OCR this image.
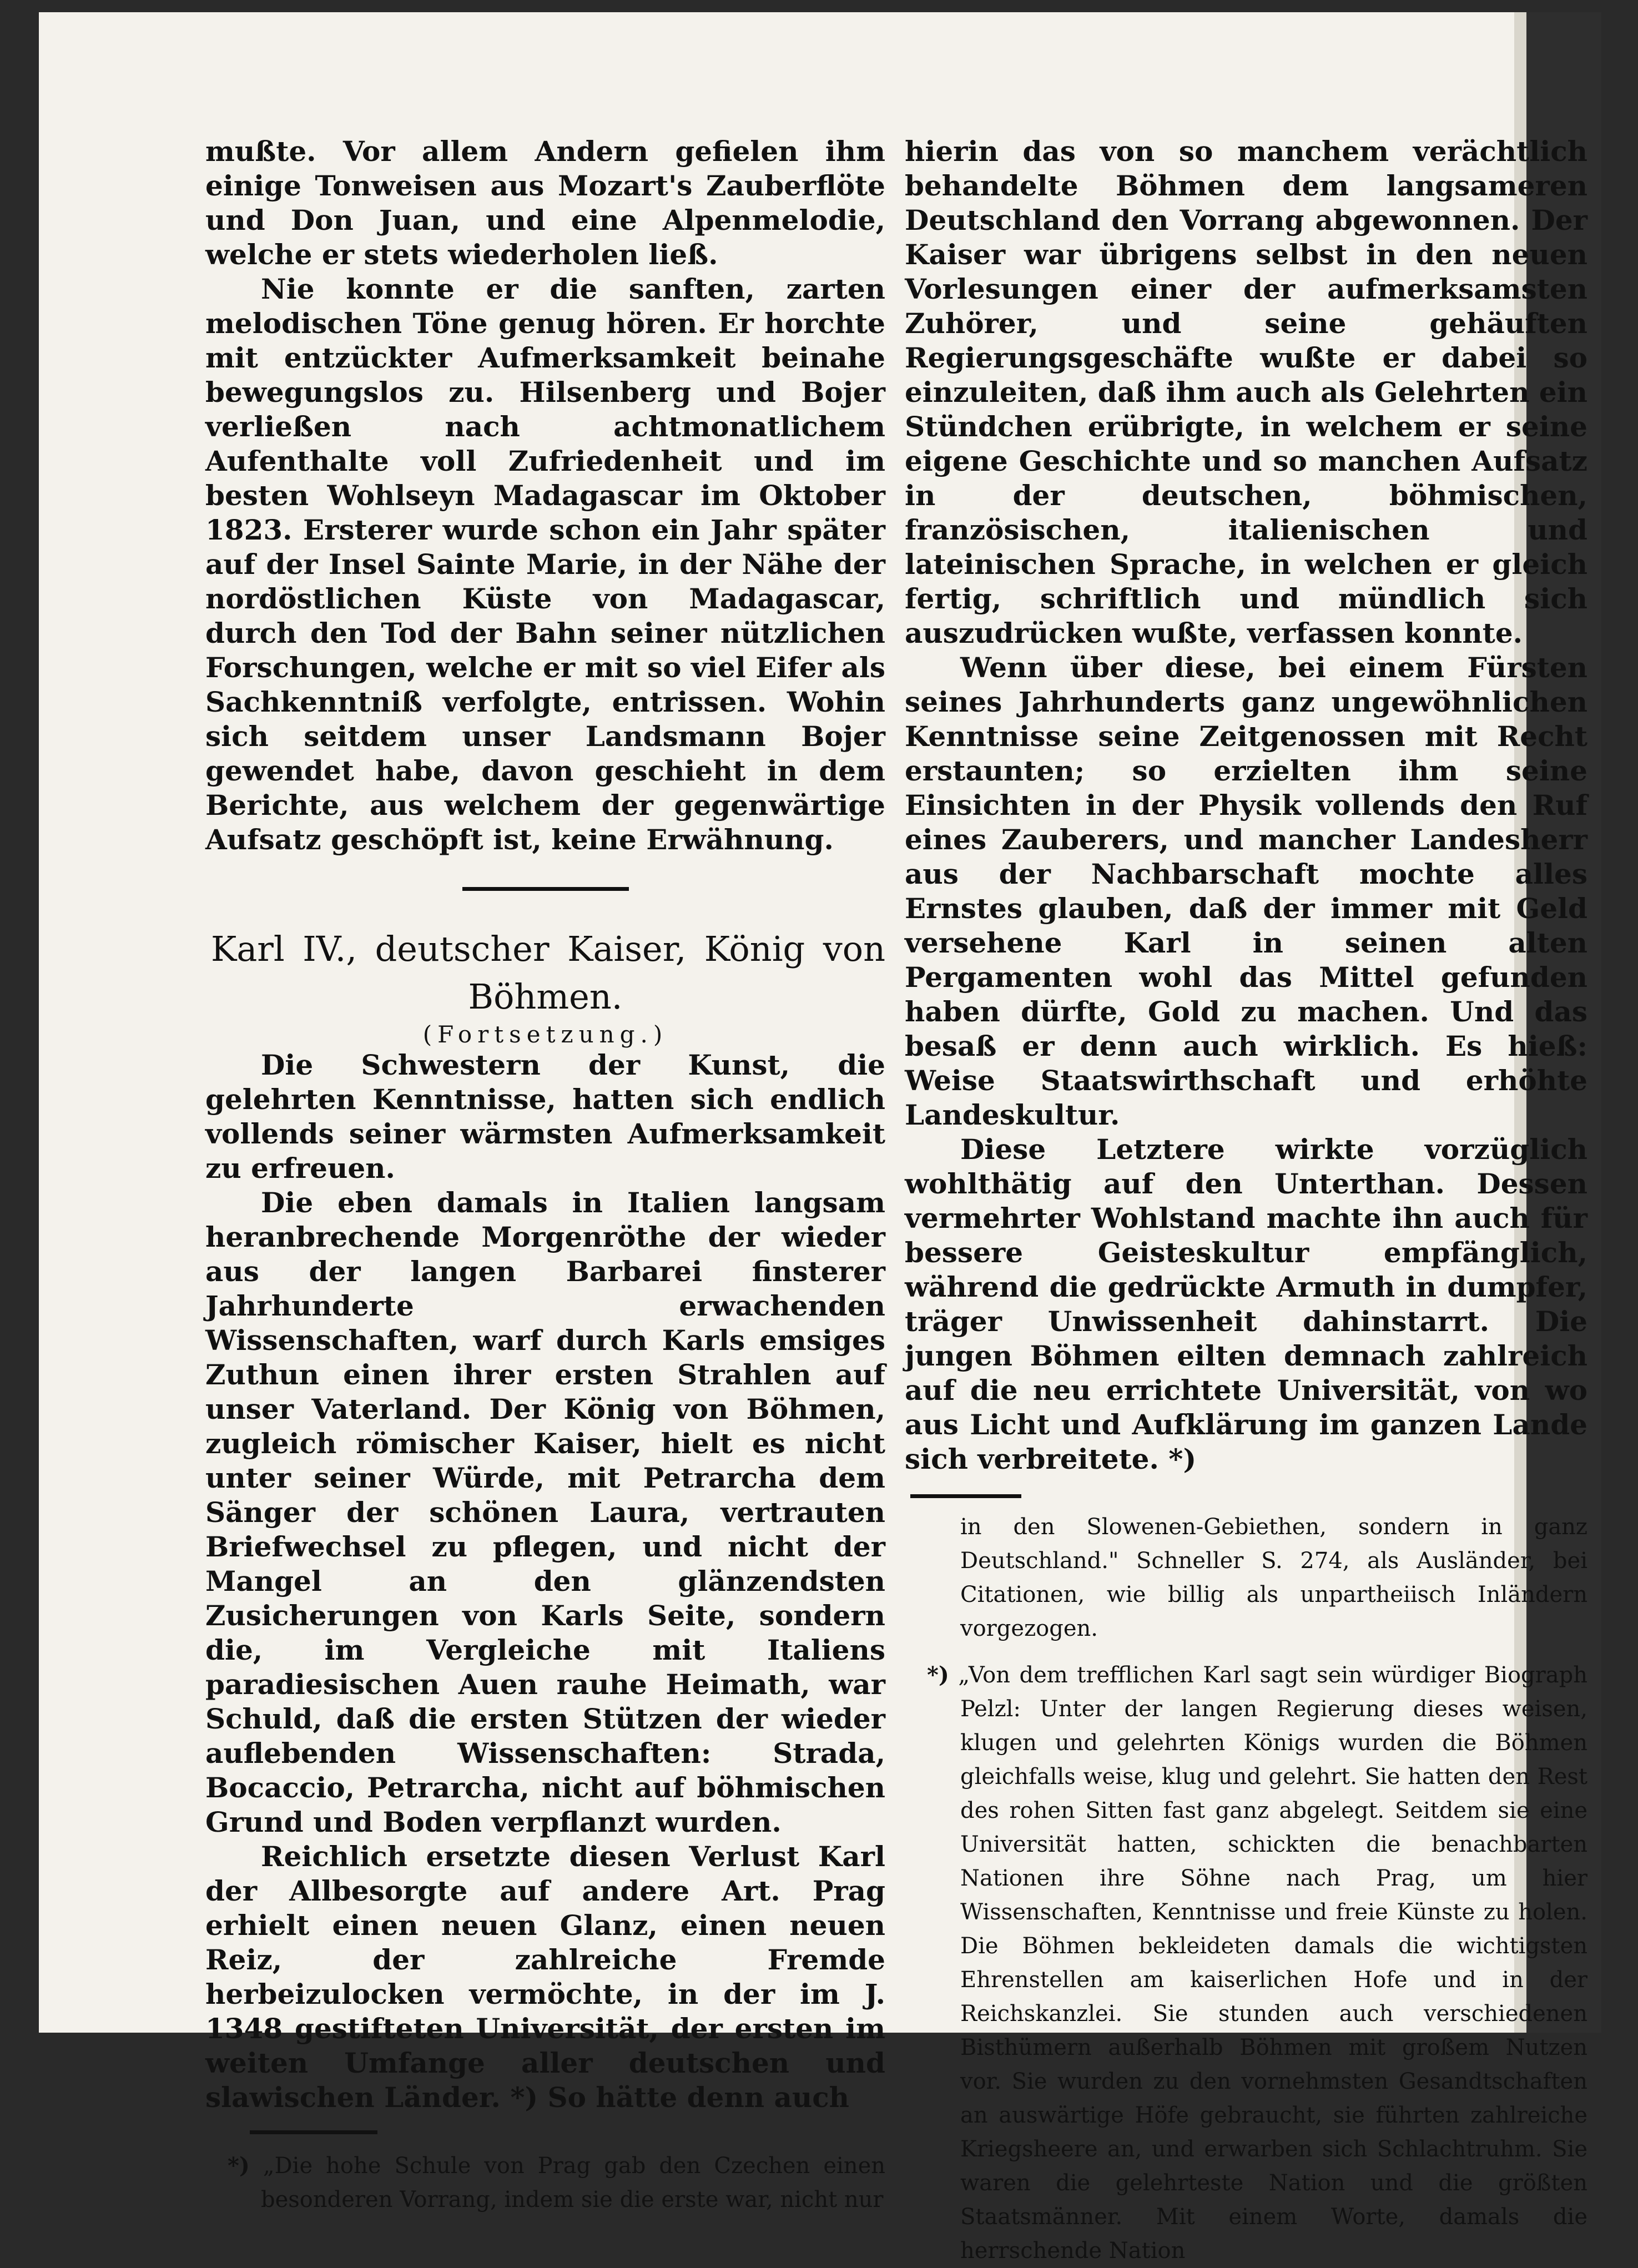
mußte. Vor allem Andern gefielen ihm einige Tonweisen aus Mozart's Zauberflöte und Don Juan, und eine Alpenmelodie, welche er stets wiederholen ließ.

Nie konnte er die sanften, zarten melodischen Töne genug hören. Er horchte mit entzückter Aufmerksamkeit beinahe bewegungslos zu. Hilsenberg und Bojer verließen nach achtmonatlichem Aufenthalte voll Zufriedenheit und im besten Wohlseyn Madagascar im Oktober 1823. Ersterer wurde schon ein Jahr später auf der Insel Sainte Marie, in der Nähe der nordöstlichen Küste von Madagascar, durch den Tod der Bahn seiner nützlichen Forschungen, welche er mit so viel Eifer als Sachkenntniß verfolgte, entrissen. Wohin sich seitdem unser Landsmann Bojer gewendet habe, davon geschieht in dem Berichte, aus welchem der gegenwärtige Aufsatz geschöpft ist, keine Erwähnung.

Karl IV., deutscher Kaiser, König von
Böhmen.

(Fortsetzung.)

Die Schwestern der Kunst, die gelehrten Kenntnisse, hatten sich endlich vollends seiner wärmsten Aufmerksamkeit zu erfreuen.

Die eben damals in Italien langsam heranbrechende Morgenröthe der wieder aus der langen Barbarei finsterer Jahrhunderte erwachenden Wissenschaften, warf durch Karls emsiges Zuthun einen ihrer ersten Strahlen auf unser Vaterland. Der König von Böhmen, zugleich römischer Kaiser, hielt es nicht unter seiner Würde, mit Petrarcha dem Sänger der schönen Laura, vertrauten Briefwechsel zu pflegen, und nicht der Mangel an den glänzendsten Zusicherungen von Karls Seite, sondern die, im Vergleiche mit Italiens paradiesischen Auen rauhe Heimath, war Schuld, daß die ersten Stützen der wieder auflebenden Wissenschaften: Strada, Bocaccio, Petrarcha, nicht auf böhmischen Grund und Boden verpflanzt wurden.

Reichlich ersetzte diesen Verlust Karl der Allbesorgte auf andere Art. Prag erhielt einen neuen Glanz, einen neuen Reiz, der zahlreiche Fremde herbeizulocken vermöchte, in der im J. 1348 gestifteten Universität, der ersten im weiten Umfange aller deutschen und slawischen Länder. *) So hätte denn auch

*) „Die hohe Schule von Prag gab den Czechen einen besonderen Vorrang, indem sie die erste war, nicht nur

hierin das von so manchem verächtlich behandelte Böhmen dem langsameren Deutschland den Vorrang abgewonnen. Der Kaiser war übrigens selbst in den neuen Vorlesungen einer der aufmerksamsten Zuhörer, und seine gehäuften Regierungsgeschäfte wußte er dabei so einzuleiten, daß ihm auch als Gelehrten ein Stündchen erübrigte, in welchem er seine eigene Geschichte und so manchen Aufsatz in der deutschen, böhmischen, französischen, italienischen und lateinischen Sprache, in welchen er gleich fertig, schriftlich und mündlich sich auszudrücken wußte, verfassen konnte.

Wenn über diese, bei einem Fürsten seines Jahrhunderts ganz ungewöhnlichen Kenntnisse seine Zeitgenossen mit Recht erstaunten; so erzielten ihm seine Einsichten in der Physik vollends den Ruf eines Zauberers, und mancher Landesherr aus der Nachbarschaft mochte alles Ernstes glauben, daß der immer mit Geld versehene Karl in seinen alten Pergamenten wohl das Mittel gefunden haben dürfte, Gold zu machen. Und das besaß er denn auch wirklich. Es hieß: Weise Staatswirthschaft und erhöhte Landeskultur.

Diese Letztere wirkte vorzüglich wohlthätig auf den Unterthan. Dessen vermehrter Wohlstand machte ihn auch für bessere Geisteskultur empfänglich, während die gedrückte Armuth in dumpfer, träger Unwissenheit dahinstarrt. Die jungen Böhmen eilten demnach zahlreich auf die neu errichtete Universität, von wo aus Licht und Aufklärung im ganzen Lande sich verbreitete. *)

in den Slowenen-Gebiethen, sondern in ganz Deutschland." Schneller S. 274, als Ausländer, bei Citationen, wie billig als unpartheiisch Inländern vorgezogen.

*) „Von dem trefflichen Karl sagt sein würdiger Biograph Pelzl: Unter der langen Regierung dieses weisen, klugen und gelehrten Königs wurden die Böhmen gleichfalls weise, klug und gelehrt. Sie hatten den Rest des rohen Sitten fast ganz abgelegt. Seitdem sie eine Universität hatten, schickten die benachbarten Nationen ihre Söhne nach Prag, um hier Wissenschaften, Kenntnisse und freie Künste zu holen. Die Böhmen bekleideten damals die wichtigsten Ehrenstellen am kaiserlichen Hofe und in der Reichskanzlei. Sie stunden auch verschiedenen Bisthümern außerhalb Böhmen mit großem Nutzen vor. Sie wurden zu den vornehmsten Gesandtschaften an auswärtige Höfe gebraucht, sie führten zahlreiche Kriegsheere an, und erwarben sich Schlachtruhm. Sie waren die gelehrteste Nation und die größten Staatsmänner. Mit einem Worte, damals die herrschende Nation
